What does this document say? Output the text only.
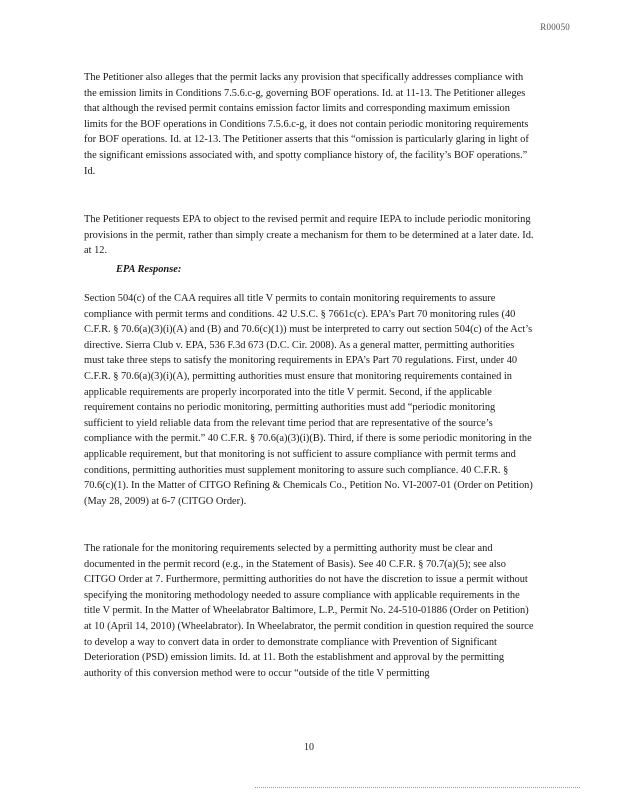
R00050

The Petitioner also alleges that the permit lacks any provision that specifically addresses compliance with the emission limits in Conditions 7.5.6.c-g, governing BOF operations. Id. at 11-13. The Petitioner alleges that although the revised permit contains emission factor limits and corresponding maximum emission limits for the BOF operations in Conditions 7.5.6.c-g, it does not contain periodic monitoring requirements for BOF operations. Id. at 12-13. The Petitioner asserts that this “omission is particularly glaring in light of the significant emissions associated with, and spotty compliance history of, the facility’s BOF operations.” Id.

The Petitioner requests EPA to object to the revised permit and require IEPA to include periodic monitoring provisions in the permit, rather than simply create a mechanism for them to be determined at a later date. Id. at 12.

EPA Response:

Section 504(c) of the CAA requires all title V permits to contain monitoring requirements to assure compliance with permit terms and conditions. 42 U.S.C. § 7661c(c). EPA’s Part 70 monitoring rules (40 C.F.R. § 70.6(a)(3)(i)(A) and (B) and 70.6(c)(1)) must be interpreted to carry out section 504(c) of the Act’s directive. Sierra Club v. EPA, 536 F.3d 673 (D.C. Cir. 2008). As a general matter, permitting authorities must take three steps to satisfy the monitoring requirements in EPA’s Part 70 regulations. First, under 40 C.F.R. § 70.6(a)(3)(i)(A), permitting authorities must ensure that monitoring requirements contained in applicable requirements are properly incorporated into the title V permit. Second, if the applicable requirement contains no periodic monitoring, permitting authorities must add “periodic monitoring sufficient to yield reliable data from the relevant time period that are representative of the source’s compliance with the permit.” 40 C.F.R. § 70.6(a)(3)(i)(B). Third, if there is some periodic monitoring in the applicable requirement, but that monitoring is not sufficient to assure compliance with permit terms and conditions, permitting authorities must supplement monitoring to assure such compliance. 40 C.F.R. § 70.6(c)(1). In the Matter of CITGO Refining & Chemicals Co., Petition No. VI-2007-01 (Order on Petition) (May 28, 2009) at 6-7 (CITGO Order).

The rationale for the monitoring requirements selected by a permitting authority must be clear and documented in the permit record (e.g., in the Statement of Basis). See 40 C.F.R. § 70.7(a)(5); see also CITGO Order at 7. Furthermore, permitting authorities do not have the discretion to issue a permit without specifying the monitoring methodology needed to assure compliance with applicable requirements in the title V permit. In the Matter of Wheelabrator Baltimore, L.P., Permit No. 24-510-01886 (Order on Petition) at 10 (April 14, 2010) (Wheelabrator). In Wheelabrator, the permit condition in question required the source to develop a way to convert data in order to demonstrate compliance with Prevention of Significant Deterioration (PSD) emission limits. Id. at 11. Both the establishment and approval by the permitting authority of this conversion method were to occur “outside of the title V permitting

10
